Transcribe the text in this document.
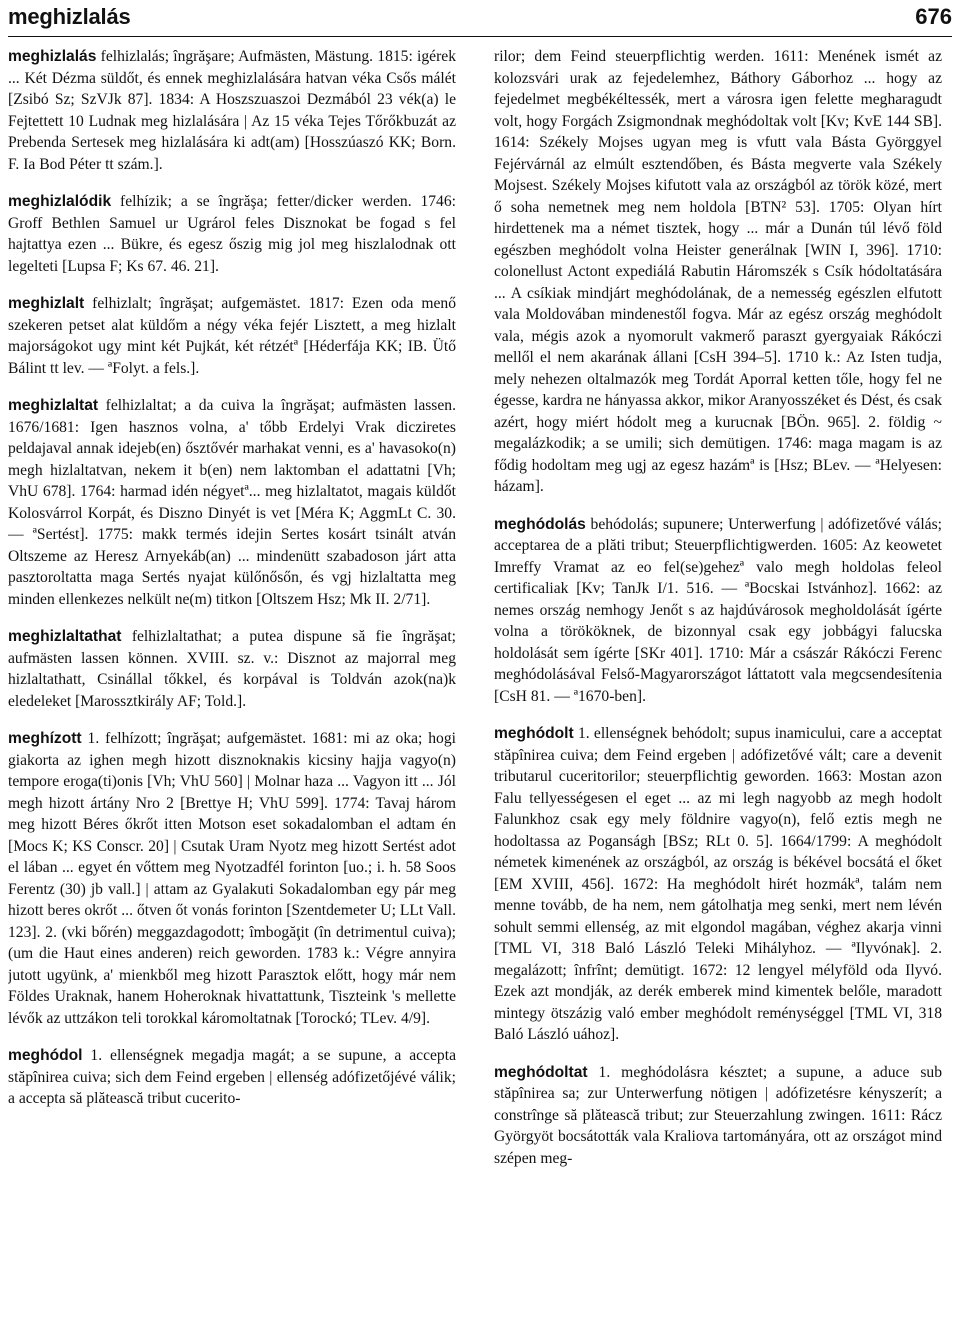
meghizlalás	676

meghizlalás felhizlalás; îngrăşare; Aufmästen, Mästung. 1815: igérek ... Két Dézma süldőt, és ennek meghizlalására hatvan véka Csős málét [Zsibó Sz; SzVJk 87]. 1834: A Hoszszuaszoi Dezmából 23 vék(a) le Fejtettett 10 Ludnak meg hizlalására | Az 15 véka Tejes Tőrőkbuzát az Prebenda Sertesek meg hizlalására ki adt(am) [Hosszúaszó KK; Born. F. Ia Bod Péter tt szám.].

meghizlalódik felhízik; a se îngrăşa; fetter/dicker werden. 1746: Groff Bethlen Samuel ur Ugrárol feles Disznokat be fogad s fel hajtattya ezen ... Bükre, és egesz őszig mig jol meg hiszlalodnak ott legelteti [Lupsa F; Ks 67. 46. 21].

meghizlalt felhizlalt; îngrăşat; aufgemästet. 1817: Ezen oda menő szekeren petset alat küldőm a négy véka fejér Lisztett, a meg hizlalt majorságokot ugy mint két Pujkát, két rétzétª [Héderfája KK; IB. Ütő Bálint tt lev. — ªFolyt. a fels.].

meghizlaltat felhizlaltat; a da cuiva la îngrăşat; aufmästen lassen. 1676/1681: Igen hasznos volna, a' tőbb Erdelyi Vrak dicziretes peldajaval annak idejeb(en) ősztővér marhakat venni, es a' havasoko(n) megh hizlaltatvan, nekem it b(en) nem laktomban el adattatni [Vh; VhU 678]. 1764: harmad idén négyetª... meg hizlaltatot, magais küldőt Kolosvárrol Korpát, és Diszno Dinyét is vet [Méra K; AggmLt C. 30. — ªSertést]. 1775: makk termés idejin Sertes kosárt tsinált atván Oltszeme az Heresz Arnyekáb(an) ... mindenütt szabadoson járt atta pasztoroltatta maga Sertés nyajat külőnősőn, és vgj hizlaltatta meg minden ellenkezes nelkült ne(m) titkon [Oltszem Hsz; Mk II. 2/71].

meghizlaltathat felhizlaltathat; a putea dispune să fie îngrăşat; aufmästen lassen können. XVIII. sz. v.: Disznot az majorral meg hizlaltathatt, Csinállal tőkkel, és korpával is Toldván azok(na)k eledeleket [Marossztkirály AF; Told.].

meghízott 1. felhízott; îngrăşat; aufgemästet. 1681: mi az oka; hogi giakorta az ighen megh hizott disznoknakis kicsiny hajja vagyo(n) tempore eroga(ti)onis [Vh; VhU 560] | Molnar haza ... Vagyon itt ... Jól megh hizott ártány Nro 2 [Brettye H; VhU 599]. 1774: Tavaj három meg hizott Béres őkrőt itten Motson eset sokadalomban el adtam én [Mocs K; KS Conscr. 20] | Csutak Uram Nyotz meg hizott Sertést adot el lában ... egyet én vőttem meg Nyotzadfél forinton [uo.; i. h. 58 Soos Ferentz (30) jb vall.] | attam az Gyalakuti Sokadalomban egy pár meg hizott beres okrőt ... őtven őt vonás forinton [Szentdemeter U; LLt Vall. 123]. 2. (vki bőrén) meggazdagodott; îmbogăţit (în detrimentul cuiva); (um die Haut eines anderen) reich geworden. 1783 k.: Végre annyira jutott ugyünk, a' mienkből meg hizott Parasztok előtt, hogy már nem Földes Uraknak, hanem Hoheroknak hivattattunk, Tiszteink 's mellette lévők az uttzákon teli torokkal káromoltatnak [Torockó; TLev. 4/9].

meghódol 1. ellenségnek megadja magát; a se supune, a accepta stăpînirea cuiva; sich dem Feind ergeben | ellenség adófizetőjévé válik; a accepta să plătească tribut cucerito-

rilor; dem Feind steuerpflichtig werden. 1611: Menének ismét az kolozsvári urak az fejedelemhez, Báthory Gáborhoz ... hogy az fejedelmet megbékéltessék, mert a városra igen felette megharagudt volt, hogy Forgách Zsigmondnak meghódoltak volt [Kv; KvE 144 SB]. 1614: Székely Mojses ugyan meg is vfutt vala Básta Györggyel Fejérvárnál az elmúlt esztendőben, és Básta megverte vala Székely Mojsest. Székely Mojses kifutott vala az országból az török közé, mert ő soha nemetnek meg nem holdola [BTN² 53]. 1705: Olyan hírt hirdettenek ma a német tisztek, hogy ... már a Dunán túl lévő föld egészben meghódolt volna Heister generálnak [WIN I, 396]. 1710: colonellust Actont expediálá Rabutin Háromszék s Csík hódoltatására ... A csíkiak mindjárt meghódolának, de a nemesség egészlen elfutott vala Moldovában mindenestől fogva. Már az egész ország meghódolt vala, mégis azok a nyomorult vakmerő paraszt gyergyaiak Rákóczi mellől el nem akarának állani [CsH 394–5]. 1710 k.: Az Isten tudja, mely nehezen oltalmazók meg Tordát Aporral ketten tőle, hogy fel ne égesse, kardra ne hányassa akkor, mikor Aranyosszéket és Dést, és csak azért, hogy miért hódolt meg a kurucnak [BÖn. 965]. 2. földig ~ megalázkodik; a se umili; sich demütigen. 1746: maga magam is az fődig hodoltam meg ugj az egesz hazámª is [Hsz; BLev. — ªHelyesen: házam].

meghódolás behódolás; supunere; Unterwerfung | adófizetővé válás; acceptarea de a plăti tribut; Steuerpflichtigwerden. 1605: Az keowetet Imreffy Vramat az eo fel(se)gehezª valo megh holdolas feleol certificaliak [Kv; TanJk I/1. 516. — ªBocskai Istvánhoz]. 1662: az nemes ország nemhogy Jenőt s az hajdúvárosok megholdolását ígérte volna a törököknek, de bizonnyal csak egy jobbágyi falucska holdolását sem ígérte [SKr 401]. 1710: Már a császár Rákóczi Ferenc meghódolásával Felső-Magyarországot láttatott vala megcsendesítenia [CsH 81. — ª1670-ben].

meghódolt 1. ellenségnek behódolt; supus inamicului, care a acceptat stăpînirea cuiva; dem Feind ergeben | adófizetővé vált; care a devenit tributarul cuceritorilor; steuerpflichtig geworden. 1663: Mostan azon Falu tellyességesen el eget ... az mi legh nagyobb az megh hodolt Falunkhoz csak egy mely földnire vagyo(n), felő eztis megh ne hodoltassa az Poganságh [BSz; RLt 0. 5]. 1664/1799: A meghódolt németek kimenének az országból, az ország is békével bocsátá el őket [EM XVIII, 456]. 1672: Ha meghódolt hirét hozmákª, talám nem menne tovább, de ha nem, nem gátolhatja meg senki, mert nem lévén sohult semmi ellenség, az mit elgondol magában, véghez akarja vinni [TML VI, 318 Baló László Teleki Mihályhoz. — ªIlyvónak]. 2. megalázott; înfrînt; demütigt. 1672: 12 lengyel mélyföld oda Ilyvó. Ezek azt mondják, az derék emberek mind kimentek belőle, maradott mintegy ötszázig való ember meghódolt reménységgel [TML VI, 318 Baló László uához].

meghódoltat 1. meghódolásra késztet; a supune, a aduce sub stăpînirea sa; zur Unterwerfung nötigen | adófizetésre kényszerít; a constrînge să plătească tribut; zur Steuerzahlung zwingen. 1611: Rácz Györgyöt bocsátották vala Kraliova tartományára, ott az országot mind szépen meg-
